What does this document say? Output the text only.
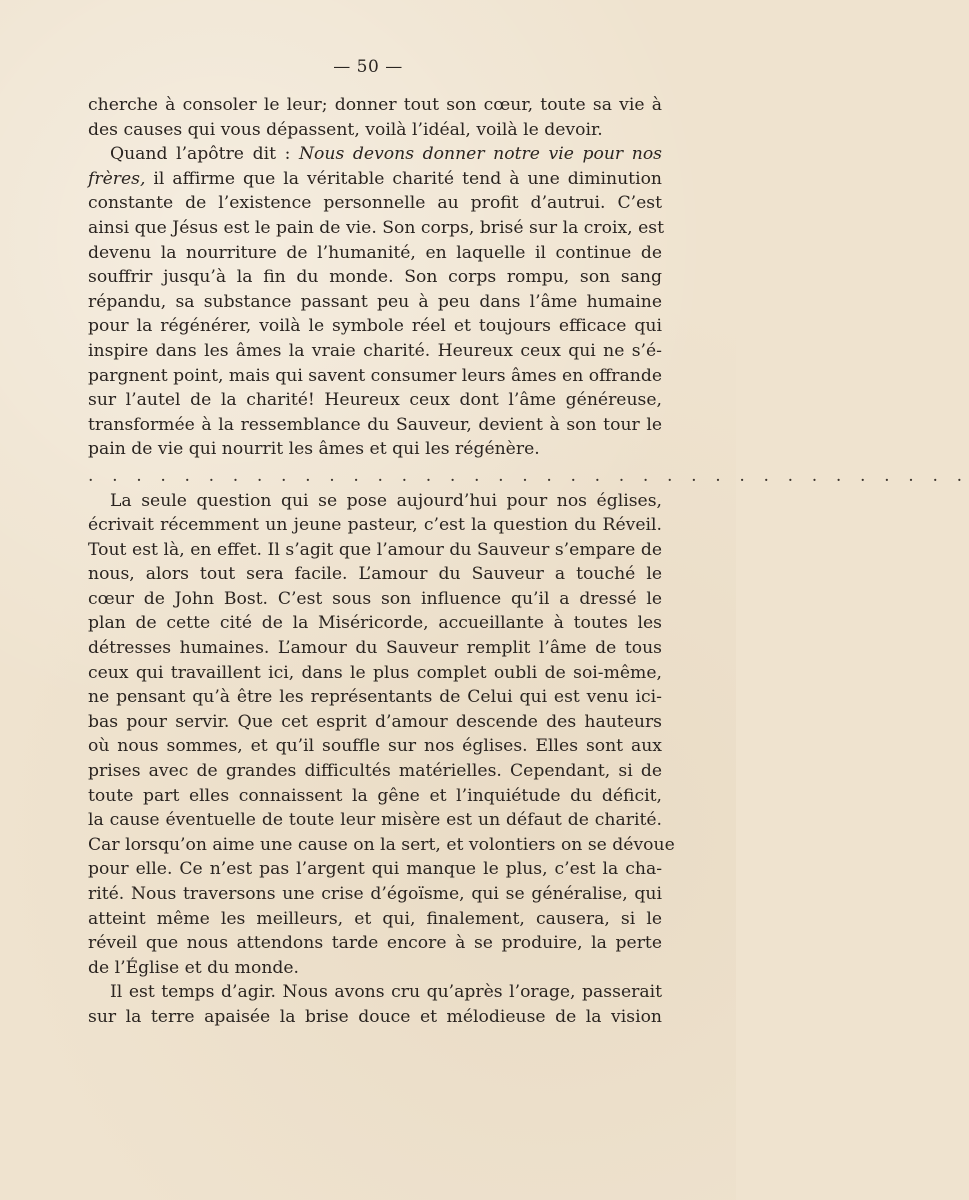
— 50 —
cherche à consoler le leur; donner tout son cœur, toute sa vie à
des causes qui vous dépassent, voilà l’idéal, voilà le devoir.
Quand l’apôtre dit : Nous devons donner notre vie pour nos
frères, il affirme que la véritable charité tend à une diminution
constante de l’existence personnelle au profit d’autrui. C’est
ainsi que Jésus est le pain de vie. Son corps, brisé sur la croix, est
devenu la nourriture de l’humanité, en laquelle il continue de
souffrir jusqu’à la fin du monde. Son corps rompu, son sang
répandu, sa substance passant peu à peu dans l’âme humaine
pour la régénérer, voilà le symbole réel et toujours efficace qui
inspire dans les âmes la vraie charité. Heureux ceux qui ne s’é-
pargnent point, mais qui savent consumer leurs âmes en offrande
sur l’autel de la charité! Heureux ceux dont l’âme généreuse,
transformée à la ressemblance du Sauveur, devient à son tour le
pain de vie qui nourrit les âmes et qui les régénère.
. . . . . . . . . . . . . . . . . . . . . . . . . . . . . . . . . . . . .
La seule question qui se pose aujourd’hui pour nos églises,
écrivait récemment un jeune pasteur, c’est la question du Réveil.
Tout est là, en effet. Il s’agit que l’amour du Sauveur s’empare de
nous, alors tout sera facile. L’amour du Sauveur a touché le
cœur de John Bost. C’est sous son influence qu’il a dressé le
plan de cette cité de la Miséricorde, accueillante à toutes les
détresses humaines. L’amour du Sauveur remplit l’âme de tous
ceux qui travaillent ici, dans le plus complet oubli de soi-même,
ne pensant qu’à être les représentants de Celui qui est venu ici-
bas pour servir. Que cet esprit d’amour descende des hauteurs
où nous sommes, et qu’il souffle sur nos églises. Elles sont aux
prises avec de grandes difficultés matérielles. Cependant, si de
toute part elles connaissent la gêne et l’inquiétude du déficit,
la cause éventuelle de toute leur misère est un défaut de charité.
Car lorsqu’on aime une cause on la sert, et volontiers on se dévoue
pour elle. Ce n’est pas l’argent qui manque le plus, c’est la cha-
rité. Nous traversons une crise d’égoïsme, qui se généralise, qui
atteint même les meilleurs, et qui, finalement, causera, si le
réveil que nous attendons tarde encore à se produire, la perte
de l’Église et du monde.
Il est temps d’agir. Nous avons cru qu’après l’orage, passerait
sur la terre apaisée la brise douce et mélodieuse de la vision
